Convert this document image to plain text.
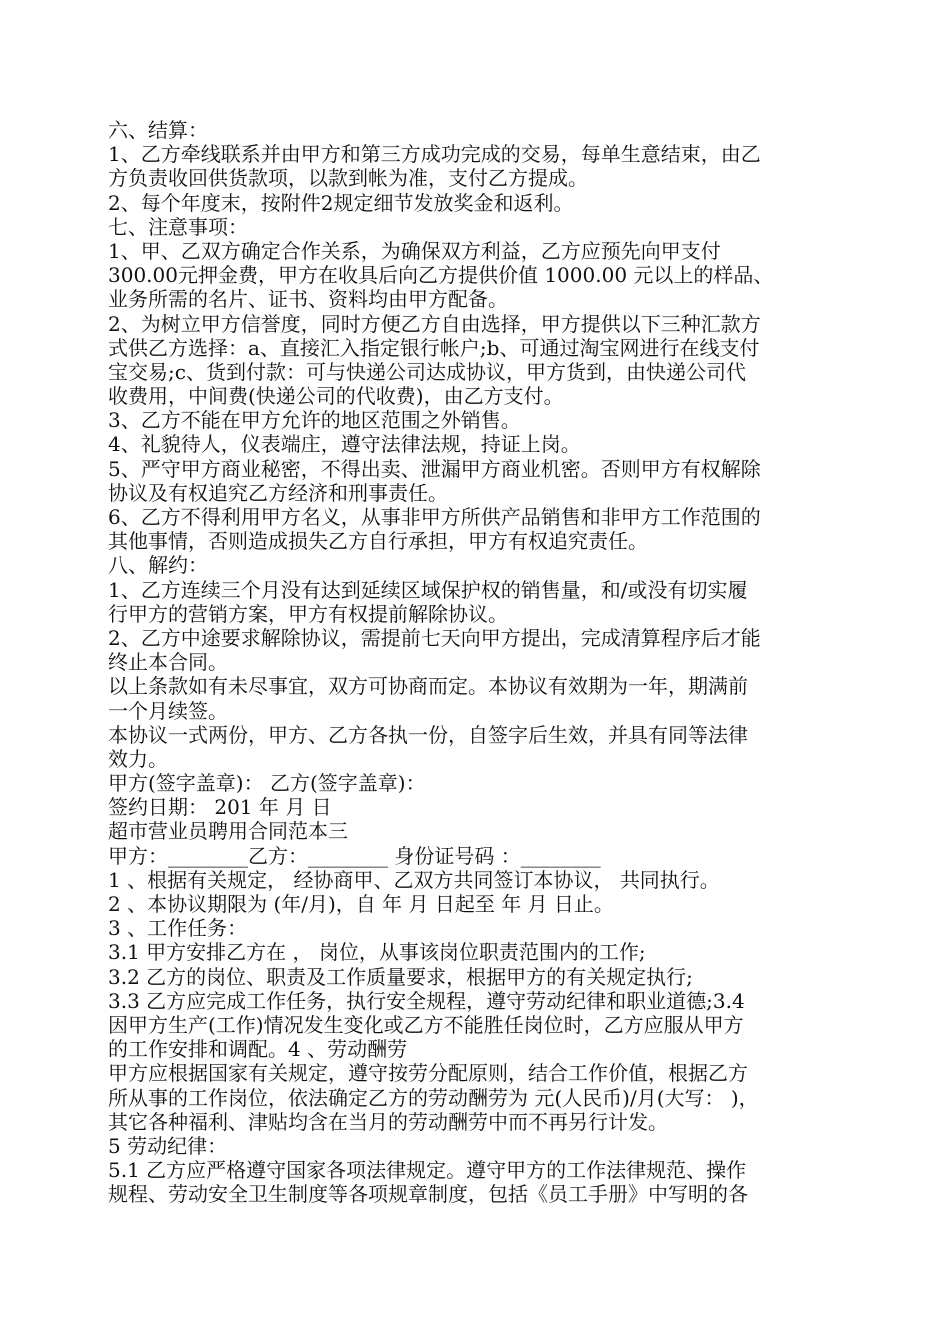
六、结算：
1、乙方牵线联系并由甲方和第三方成功完成的交易，每单生意结束，由乙
方负责收回供货款项，以款到帐为准，支付乙方提成。
2、每个年度末，按附件2规定细节发放奖金和返利。
七、注意事项：
1、甲、乙双方确定合作关系，为确保双方利益，乙方应预先向甲支付
300.00元押金费，甲方在收具后向乙方提供价值 1000.00 元以上的样品、
业务所需的名片、证书、资料均由甲方配备。
2、为树立甲方信誉度，同时方便乙方自由选择，甲方提供以下三种汇款方
式供乙方选择：a、直接汇入指定银行帐户;b、可通过淘宝网进行在线支付
宝交易;c、货到付款：可与快递公司达成协议，甲方货到，由快递公司代
收费用，中间费(快递公司的代收费)，由乙方支付。
3、乙方不能在甲方允许的地区范围之外销售。
4、礼貌待人，仪表端庄，遵守法律法规，持证上岗。
5、严守甲方商业秘密，不得出卖、泄漏甲方商业机密。否则甲方有权解除
协议及有权追究乙方经济和刑事责任。
6、乙方不得利用甲方名义，从事非甲方所供产品销售和非甲方工作范围的
其他事情，否则造成损失乙方自行承担，甲方有权追究责任。
八、解约：
1、乙方连续三个月没有达到延续区域保护权的销售量，和/或没有切实履
行甲方的营销方案，甲方有权提前解除协议。
2、乙方中途要求解除协议，需提前七天向甲方提出，完成清算程序后才能
终止本合同。
以上条款如有未尽事宜，双方可协商而定。本协议有效期为一年，期满前
一个月续签。
本协议一式两份，甲方、乙方各执一份，自签字后生效，并具有同等法律
效力。
甲方(签字盖章)： 乙方(签字盖章)：
签约日期： 201 年 月 日
超市营业员聘用合同范本三
甲方：________乙方：________ 身份证号码 ：________
1 、根据有关规定， 经协商甲、乙双方共同签订本协议， 共同执行。
2 、本协议期限为 (年/月)，自 年 月 日起至 年 月 日止。
3 、工作任务：
3.1 甲方安排乙方在 ， 岗位，从事该岗位职责范围内的工作;
3.2 乙方的岗位、职责及工作质量要求，根据甲方的有关规定执行;
3.3 乙方应完成工作任务，执行安全规程，遵守劳动纪律和职业道德;3.4
因甲方生产(工作)情况发生变化或乙方不能胜任岗位时，乙方应服从甲方
的工作安排和调配。4 、劳动酬劳
甲方应根据国家有关规定，遵守按劳分配原则，结合工作价值，根据乙方
所从事的工作岗位，依法确定乙方的劳动酬劳为 元(人民币)/月(大写： )，
其它各种福利、津贴均含在当月的劳动酬劳中而不再另行计发。
5 劳动纪律：
5.1 乙方应严格遵守国家各项法律规定。遵守甲方的工作法律规范、操作
规程、劳动安全卫生制度等各项规章制度，包括《员工手册》中写明的各
